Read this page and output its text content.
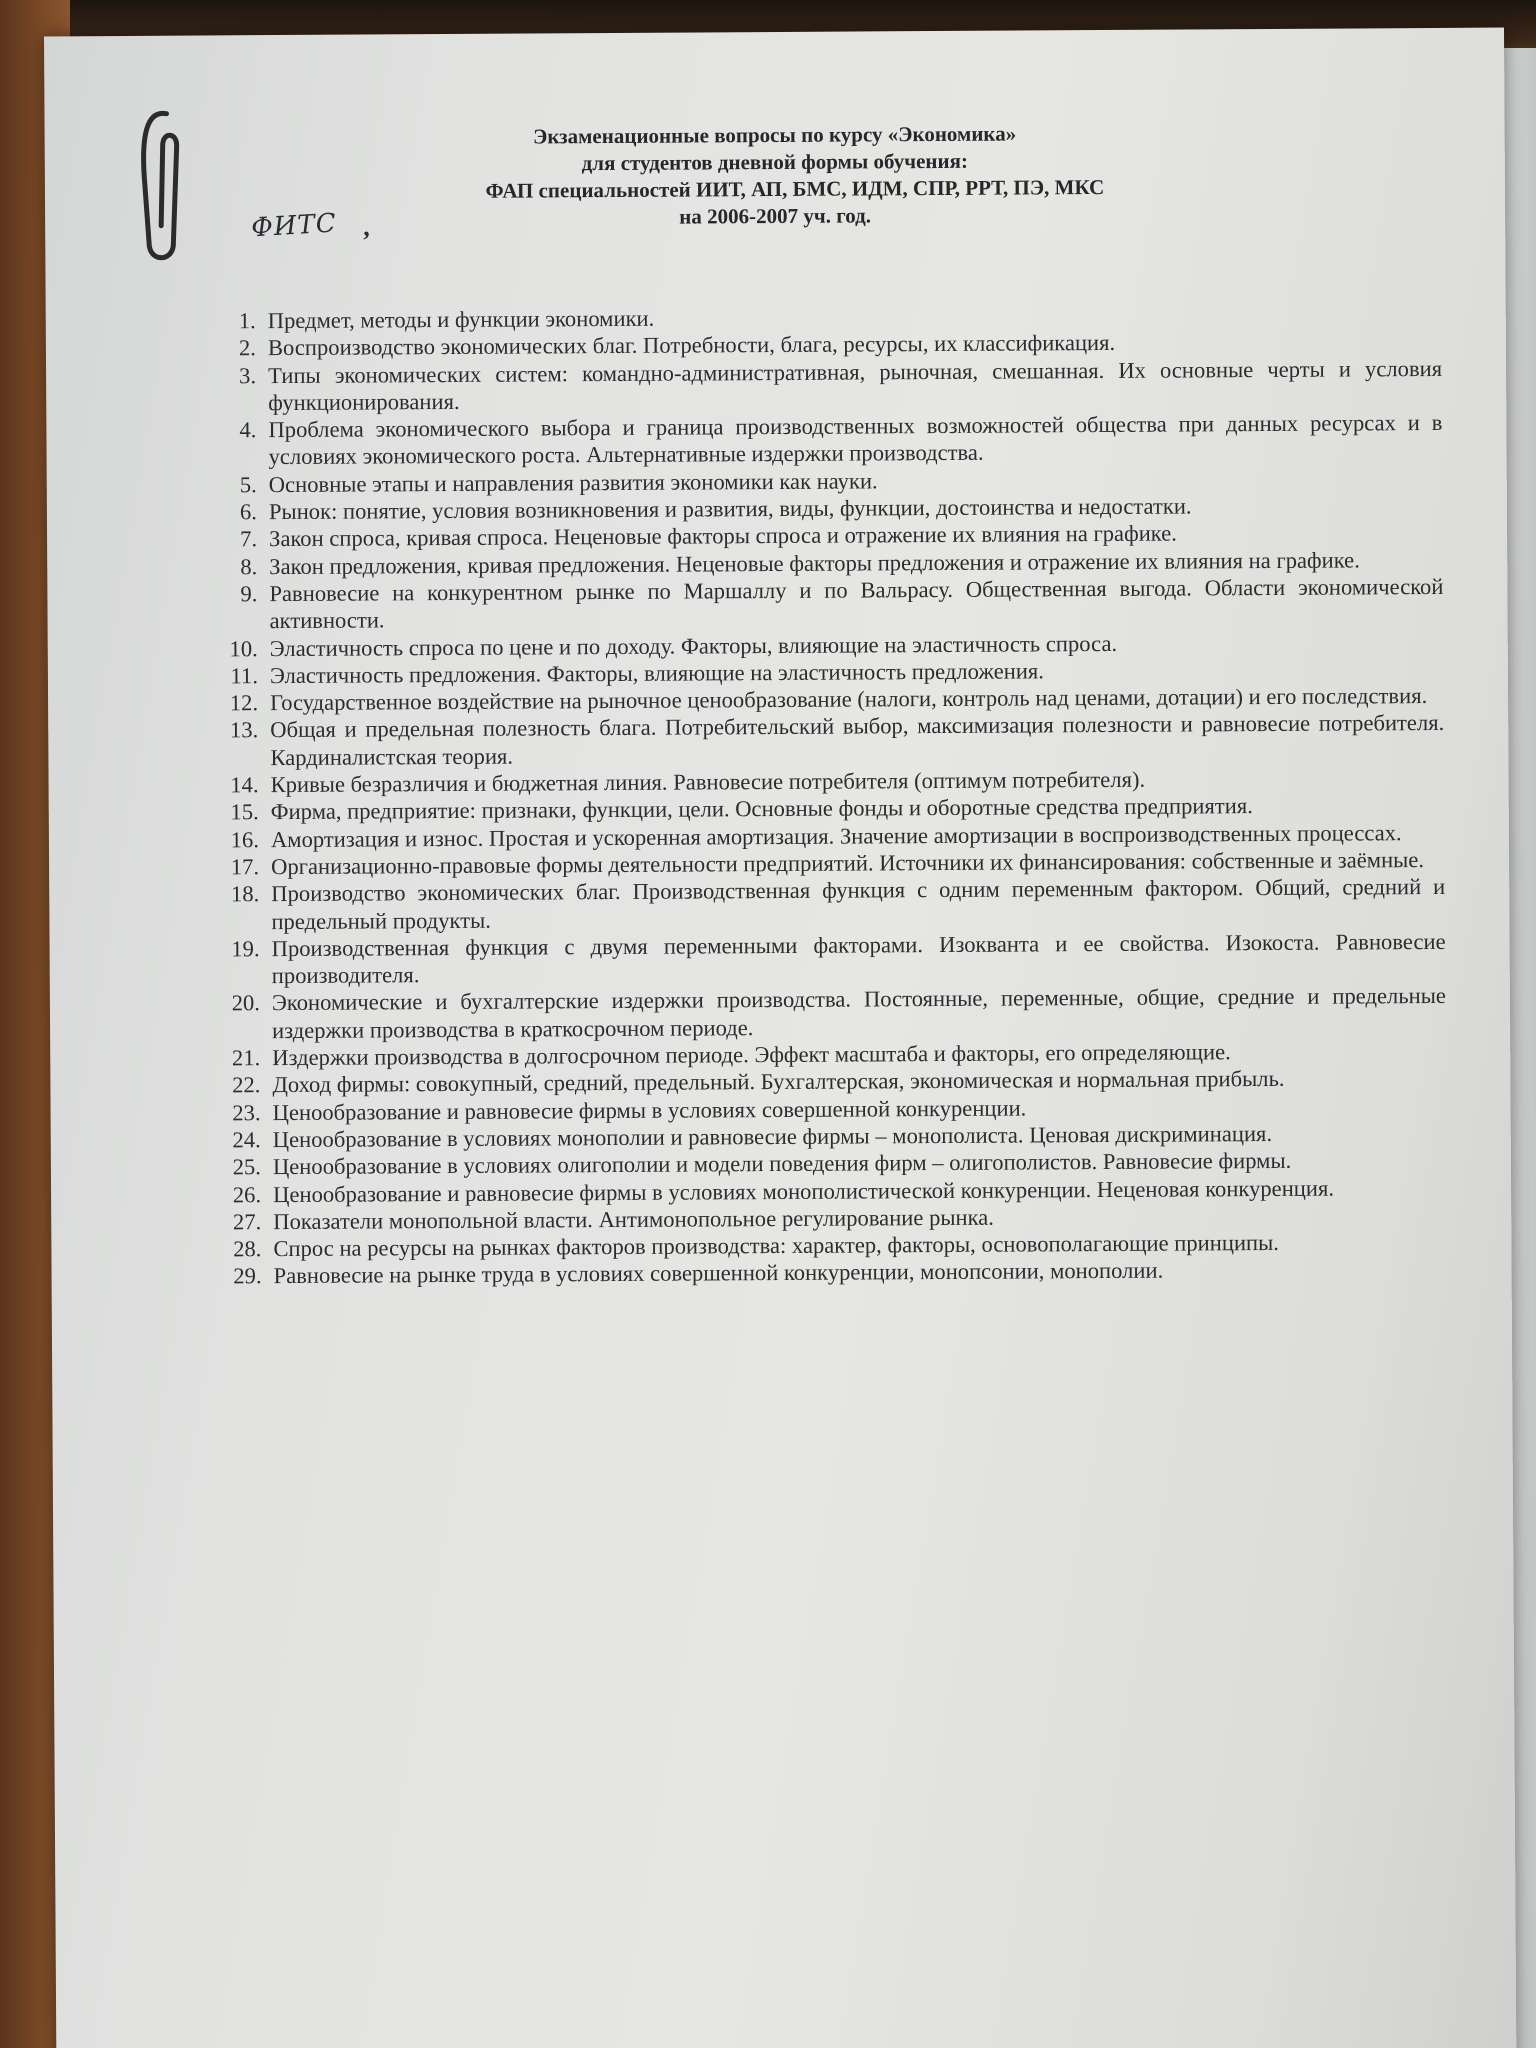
Экзаменационные вопросы по курсу «Экономика»
для студентов дневной формы обучения:
ФАП специальностей ИИТ, АП, БМС, ИДМ, СПР, РРТ, ПЭ, МКС
на 2006-2007 уч. год.
ФИТС ,
1. Предмет, методы и функции экономики.
2. Воспроизводство экономических благ. Потребности, блага, ресурсы, их классификация.
3. Типы экономических систем: командно-административная, рыночная, смешанная. Их основные черты и условия функционирования.
4. Проблема экономического выбора и граница производственных возможностей общества при данных ресурсах и в условиях экономического роста. Альтернативные издержки производства.
5. Основные этапы и направления развития экономики как науки.
6. Рынок: понятие, условия возникновения и развития, виды, функции, достоинства и недостатки.
7. Закон спроса, кривая спроса. Неценовые факторы спроса и отражение их влияния на графике.
8. Закон предложения, кривая предложения. Неценовые факторы предложения и отражение их влияния на графике.
9. Равновесие на конкурентном рынке по Маршаллу и по Вальрасу. Общественная выгода. Области экономической активности.
10. Эластичность спроса по цене и по доходу. Факторы, влияющие на эластичность спроса.
11. Эластичность предложения. Факторы, влияющие на эластичность предложения.
12. Государственное воздействие на рыночное ценообразование (налоги, контроль над ценами, дотации) и его последствия.
13. Общая и предельная полезность блага. Потребительский выбор, максимизация полезности и равновесие потребителя. Кардиналистская теория.
14. Кривые безразличия и бюджетная линия. Равновесие потребителя (оптимум потребителя).
15. Фирма, предприятие: признаки, функции, цели. Основные фонды и оборотные средства предприятия.
16. Амортизация и износ. Простая и ускоренная амортизация. Значение амортизации в воспроизводственных процессах.
17. Организационно-правовые формы деятельности предприятий. Источники их финансирования: собственные и заёмные.
18. Производство экономических благ. Производственная функция с одним переменным фактором. Общий, средний и предельный продукты.
19. Производственная функция с двумя переменными факторами. Изокванта и ее свойства. Изокоста. Равновесие производителя.
20. Экономические и бухгалтерские издержки производства. Постоянные, переменные, общие, средние и предельные издержки производства в краткосрочном периоде.
21. Издержки производства в долгосрочном периоде. Эффект масштаба и факторы, его определяющие.
22. Доход фирмы: совокупный, средний, предельный. Бухгалтерская, экономическая и нормальная прибыль.
23. Ценообразование и равновесие фирмы в условиях совершенной конкуренции.
24. Ценообразование в условиях монополии и равновесие фирмы – монополиста. Ценовая дискриминация.
25. Ценообразование в условиях олигополии и модели поведения фирм – олигополистов. Равновесие фирмы.
26. Ценообразование и равновесие фирмы в условиях монополистической конкуренции. Неценовая конкуренция.
27. Показатели монопольной власти. Антимонопольное регулирование рынка.
28. Спрос на ресурсы на рынках факторов производства: характер, факторы, основополагающие принципы.
29. Равновесие на рынке труда в условиях совершенной конкуренции, монопсонии, монополии.
